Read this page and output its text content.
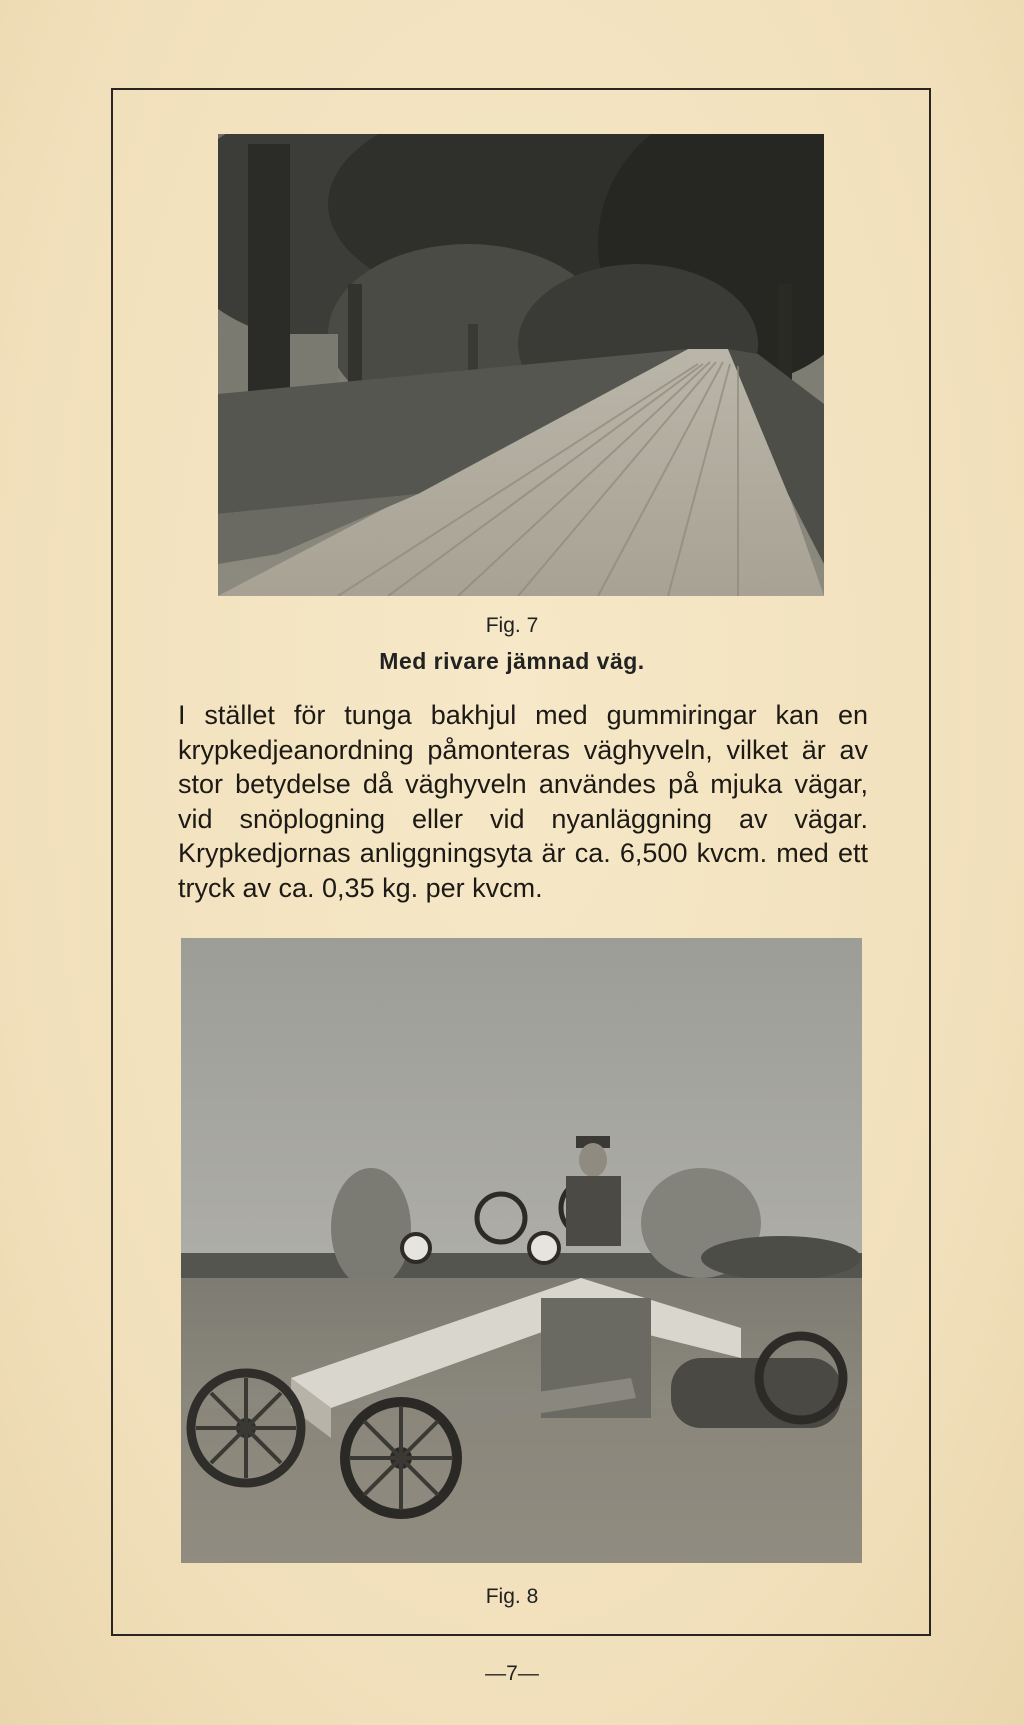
Fig. 7
Med rivare jämnad väg.
I stället för tunga bakhjul med gummiringar kan en krypkedjeanordning påmonteras väghyveln, vilket är av stor betydelse då väghyveln användes på mjuka vägar, vid snöplogning eller vid nyanläggning av vägar. Krypkedjornas anliggningsyta är ca. 6,500 kvcm. med ett tryck av ca. 0,35 kg. per kvcm.
Fig. 8
—7—
